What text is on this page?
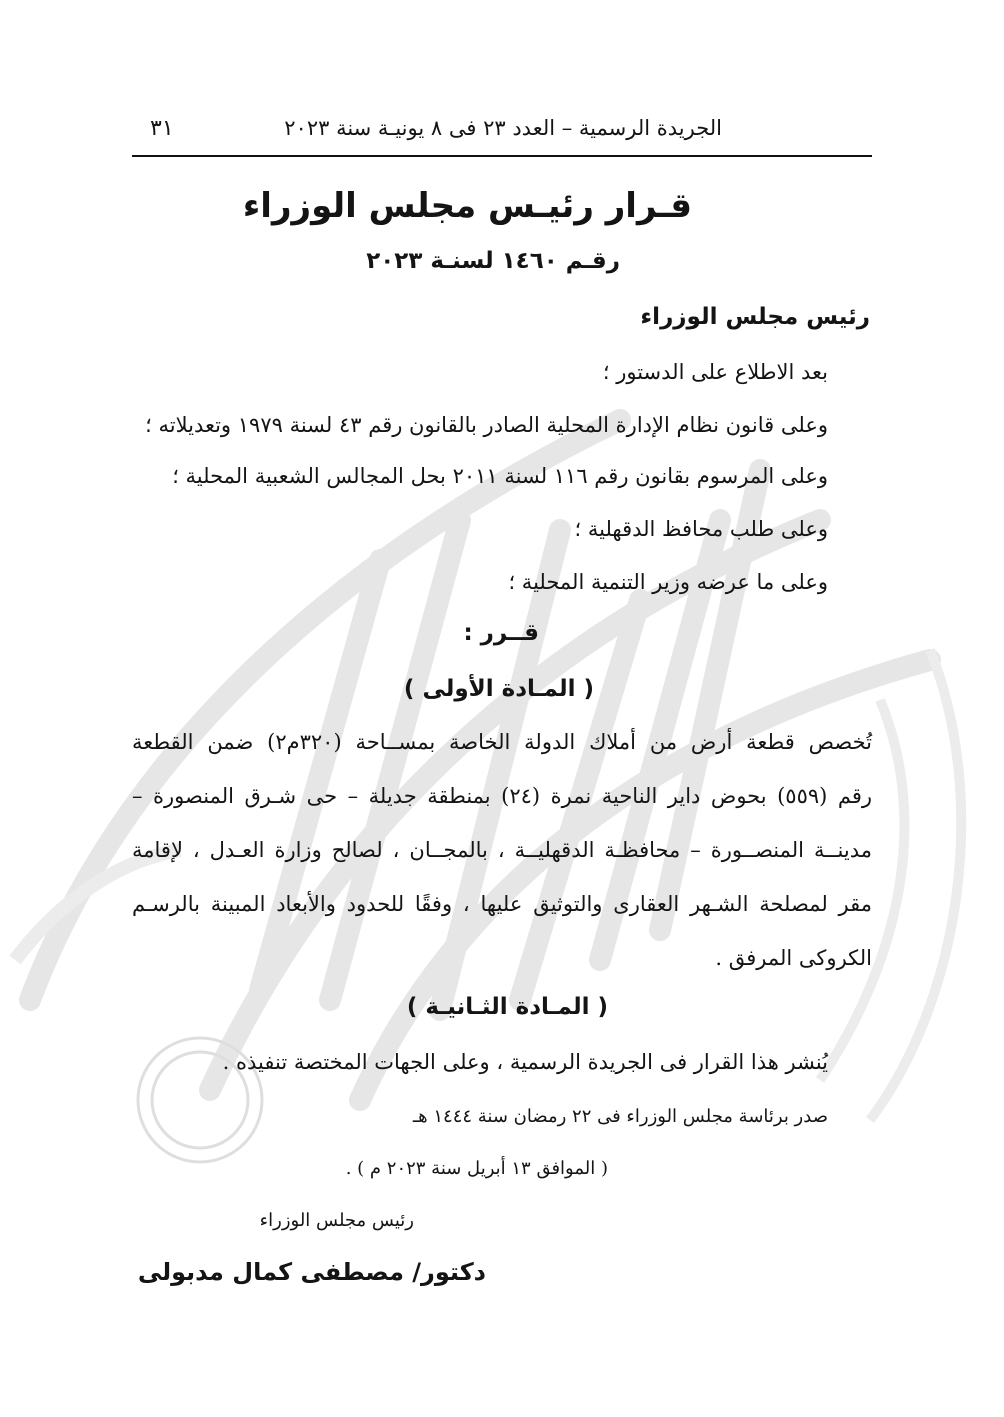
الجريدة الرسمية – العدد ٢٣ فى ٨ يونيـة سنة ٢٠٢٣
٣١
قـرار رئيـس مجلس الوزراء
رقـم ١٤٦٠ لسنـة ٢٠٢٣
رئيس مجلس الوزراء
بعد الاطلاع على الدستور ؛
وعلى قانون نظام الإدارة المحلية الصادر بالقانون رقم ٤٣ لسنة ١٩٧٩ وتعديلاته ؛
وعلى المرسوم بقانون رقم ١١٦ لسنة ٢٠١١ بحل المجالس الشعبية المحلية ؛
وعلى طلب محافظ الدقهلية ؛
وعلى ما عرضه وزير التنمية المحلية ؛
قــرر :
( المـادة الأولى )
تُخصص قطعة أرض من أملاك الدولة الخاصة بمســاحة (٣٢٠م٢) ضمن القطعة
رقم (٥٥٩) بحوض داير الناحية نمرة (٢٤) بمنطقة جديلة – حى شـرق المنصورة –
مدينــة المنصــورة – محافظـة الدقهليــة ، بالمجــان ، لصالح وزارة العـدل ، لإقامة
مقر لمصلحة الشـهر العقارى والتوثيق عليها ، وفقًا للحدود والأبعاد المبينة بالرسـم
الكروكى المرفق .
( المـادة الثـانيـة )
يُنشر هذا القرار فى الجريدة الرسمية ، وعلى الجهات المختصة تنفيذه .
صدر برئاسة مجلس الوزراء فى ٢٢ رمضان سنة ١٤٤٤ هـ
( الموافق ١٣ أبريل سنة ٢٠٢٣ م ) .
رئيس مجلس الوزراء
دكتور/ مصطفى كمال مدبولى
